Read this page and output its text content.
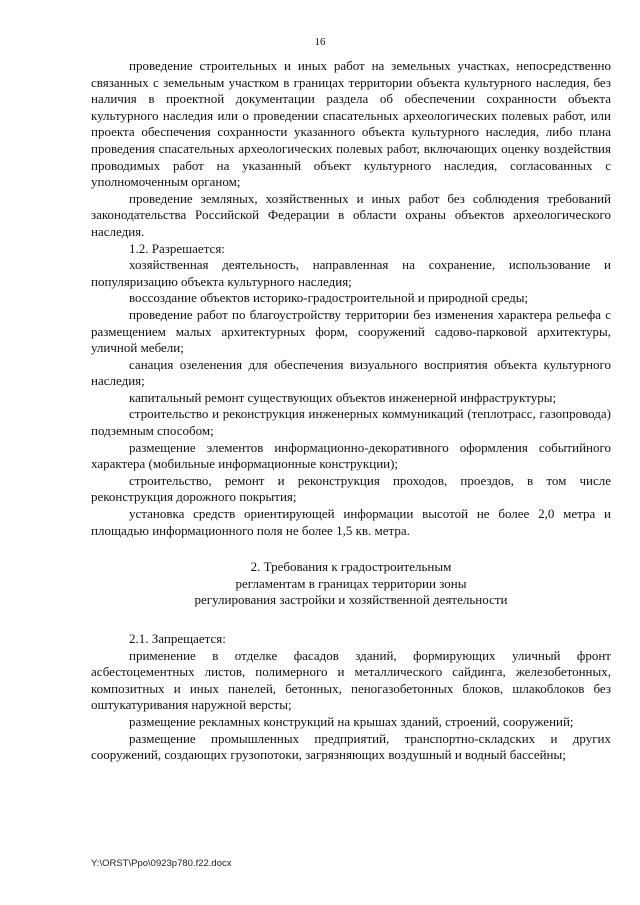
16

проведение строительных и иных работ на земельных участках, непосредственно связанных с земельным участком в границах территории объекта культурного наследия, без наличия в проектной документации раздела об обеспечении сохранности объекта культурного наследия или о проведении спасательных археологических полевых работ, или проекта обеспечения сохранности указанного объекта культурного наследия, либо плана проведения спасательных археологических полевых работ, включающих оценку воздействия проводимых работ на указанный объект культурного наследия, согласованных с уполномоченным органом;

проведение земляных, хозяйственных и иных работ без соблюдения требований законодательства Российской Федерации в области охраны объектов археологического наследия.

1.2. Разрешается:

хозяйственная деятельность, направленная на сохранение, использование и популяризацию объекта культурного наследия;

воссоздание объектов историко-градостроительной и природной среды;

проведение работ по благоустройству территории без изменения характера рельефа с размещением малых архитектурных форм, сооружений садово-парковой архитектуры, уличной мебели;

санация озеленения для обеспечения визуального восприятия объекта культурного наследия;

капитальный ремонт существующих объектов инженерной инфраструктуры;

строительство и реконструкция инженерных коммуникаций (теплотрасс, газопровода) подземным способом;

размещение элементов информационно-декоративного оформления событийного характера (мобильные информационные конструкции);

строительство, ремонт и реконструкция проходов, проездов, в том числе реконструкция дорожного покрытия;

установка средств ориентирующей информации высотой не более 2,0 метра и площадью информационного поля не более 1,5 кв. метра.

2. Требования к градостроительным
регламентам в границах территории зоны
регулирования застройки и хозяйственной деятельности

2.1. Запрещается:

применение в отделке фасадов зданий, формирующих уличный фронт асбестоцементных листов, полимерного и металлического сайдинга, железобетонных, композитных и иных панелей, бетонных, пеногазобетонных блоков, шлакоблоков без оштукатуривания наружной версты;

размещение рекламных конструкций на крышах зданий, строений, сооружений;

размещение промышленных предприятий, транспортно-складских и других сооружений, создающих грузопотоки, загрязняющих воздушный и водный бассейны;

Y:\ORST\Ppo\0923p780.f22.docx
